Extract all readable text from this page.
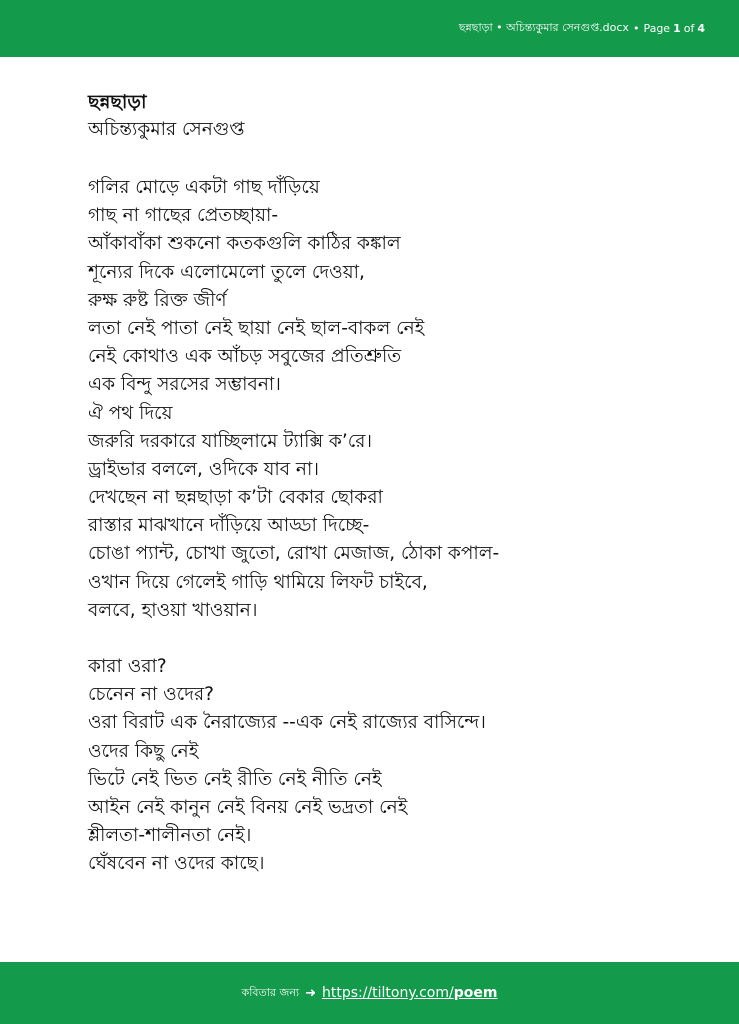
ছন্নছাড়া • অচিন্ত্যকুমার সেনগুপ্ত.docx • Page 1 of 4
ছন্নছাড়া
অচিন্ত্যকুমার সেনগুপ্ত
গলির মোড়ে একটা গাছ দাঁড়িয়ে
গাছ না গাছের প্রেতচ্ছায়া-
আঁকাবাঁকা শুকনো কতকগুলি কাঠির কঙ্কাল
শূন্যের দিকে এলোমেলো তুলে দেওয়া,
রুক্ষ রুষ্ট রিক্ত জীর্ণ
লতা নেই পাতা নেই ছায়া নেই ছাল-বাকল নেই
নেই কোথাও এক আঁচড় সবুজের প্রতিশ্রুতি
এক বিন্দু সরসের সম্ভাবনা।
ঐ পথ দিয়ে
জরুরি দরকারে যাচ্ছিলামে ট্যাক্সি ক’রে।
ড্রাইভার বললে, ওদিকে যাব না।
দেখছেন না ছন্নছাড়া ক’টা বেকার ছোকরা
রাস্তার মাঝখানে দাঁড়িয়ে আড্ডা দিচ্ছে-
চোঙা প্যান্ট, চোখা জুতো, রোখা মেজাজ, ঠোকা কপাল-
ওখান দিয়ে গেলেই গাড়ি থামিয়ে লিফট চাইবে,
বলবে, হাওয়া খাওয়ান।
কারা ওরা?
চেনেন না ওদের?
ওরা বিরাট এক নৈরাজ্যের --এক নেই রাজ্যের বাসিন্দে।
ওদের কিছু নেই
ভিটে নেই ভিত নেই রীতি নেই নীতি নেই
আইন নেই কানুন নেই বিনয় নেই ভদ্রতা নেই
শ্লীলতা-শালীনতা নেই।
ঘেঁষবেন না ওদের কাছে।
কবিতার জন্য ➜ https://tiltony.com/poem
